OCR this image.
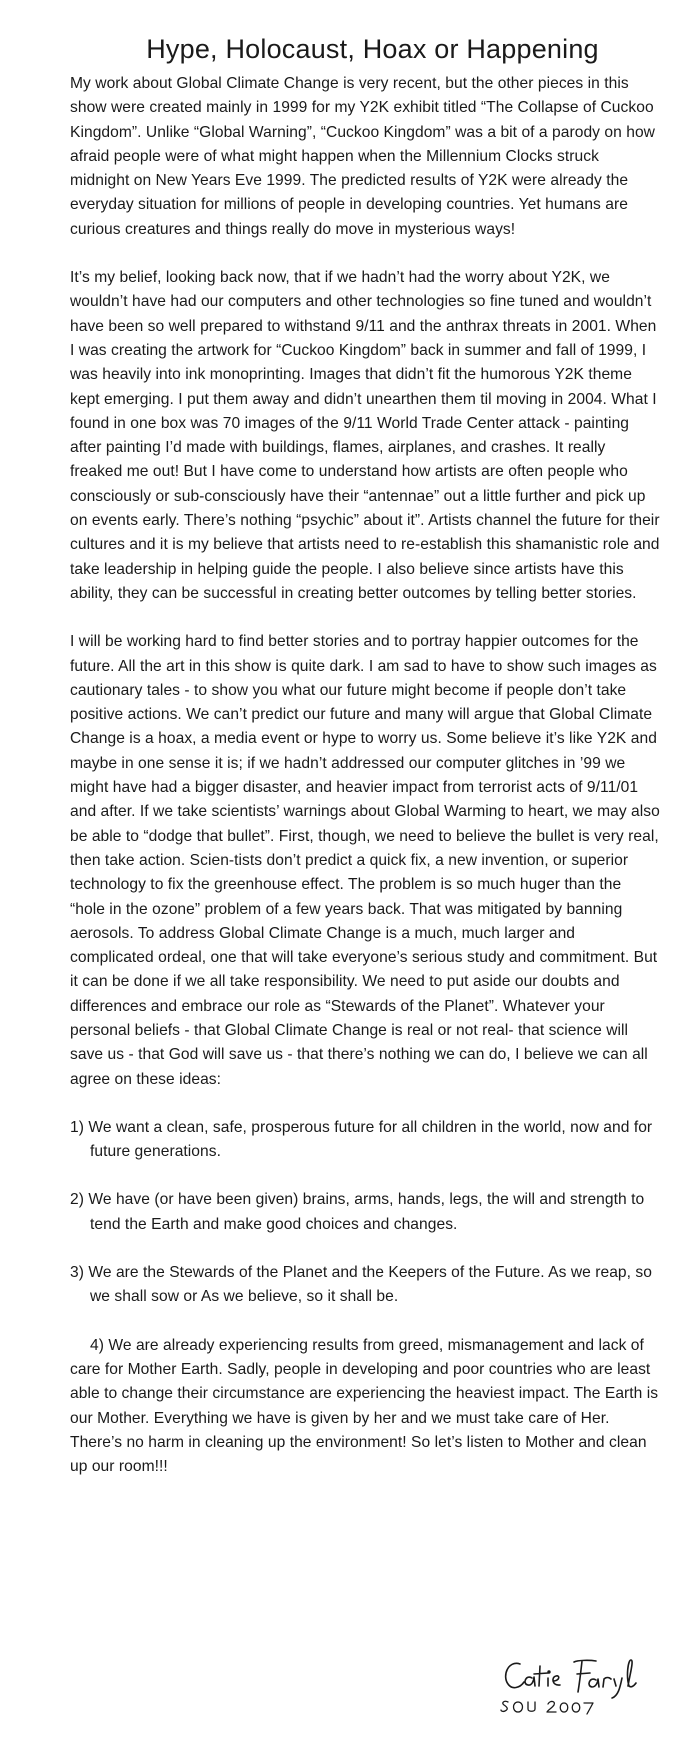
Hype, Holocaust, Hoax or Happening

My work about Global Climate Change is very recent, but the other pieces in this show were created mainly in 1999 for my Y2K exhibit titled “The Collapse of Cuckoo Kingdom”. Unlike “Global Warning”, “Cuckoo Kingdom” was a bit of a parody on how afraid people were of what might happen when the Millennium Clocks struck midnight on New Years Eve 1999. The predicted results of Y2K were already the everyday situation for millions of people in developing countries. Yet humans are curious creatures and things really do move in mysterious ways!

It’s my belief, looking back now, that if we hadn’t had the worry about Y2K, we wouldn’t have had our computers and other technologies so fine tuned and wouldn’t have been so well prepared to withstand 9/11 and the anthrax threats in 2001. When I was creating the artwork for “Cuckoo Kingdom” back in summer and fall of 1999, I was heavily into ink monoprinting. Images that didn’t fit the humorous Y2K theme kept emerging. I put them away and didn’t unearthen them til moving in 2004. What I found in one box was 70 images of the 9/11 World Trade Center attack - painting after painting I’d made with buildings, flames, airplanes, and crashes. It really freaked me out! But I have come to understand how artists are often people who consciously or sub-consciously have their “antennae” out a little further and pick up on events early. There’s nothing “psychic” about it”. Artists channel the future for their cultures and it is my believe that artists need to re-establish this shamanistic role and take leadership in helping guide the people. I also believe since artists have this ability, they can be successful in creating better outcomes by telling better stories.

I will be working hard to find better stories and to portray happier outcomes for the future. All the art in this show is quite dark. I am sad to have to show such images as cautionary tales - to show you what our future might become if people don’t take positive actions. We can’t predict our future and many will argue that Global Climate Change is a hoax, a media event or hype to worry us. Some believe it’s like Y2K and maybe in one sense it is; if we hadn’t addressed our computer glitches in ’99 we might have had a bigger disaster, and heavier impact from terrorist acts of 9/11/01 and after. If we take scientists’ warnings about Global Warming to heart, we may also be able to “dodge that bullet”. First, though, we need to believe the bullet is very real, then take action. Scien-tists don’t predict a quick fix, a new invention, or superior technology to fix the greenhouse effect. The problem is so much huger than the “hole in the ozone” problem of a few years back. That was mitigated by banning aerosols. To address Global Climate Change is a much, much larger and complicated ordeal, one that will take everyone’s serious study and commitment. But it can be done if we all take responsibility. We need to put aside our doubts and differences and embrace our role as “Stewards of the Planet”. Whatever your personal beliefs - that Global Climate Change is real or not real- that science will save us - that God will save us - that there’s nothing we can do, I believe we can all agree on these ideas:

1) We want a clean, safe, prosperous future for all children in the world, now and for future generations.
2) We have (or have been given) brains, arms, hands, legs, the will and strength to tend the Earth and make good choices and changes.
3) We are the Stewards of the Planet and the Keepers of the Future. As we reap, so we shall sow or As we believe, so it shall be.
4) We are already experiencing results from greed, mismanagement and lack of care for Mother Earth. Sadly, people in developing and poor countries who are least able to change their circumstance are experiencing the heaviest impact. The Earth is our Mother. Everything we have is given by her and we must take care of Her. There’s no harm in cleaning up the environment! So let’s listen to Mother and clean up our room!!!
